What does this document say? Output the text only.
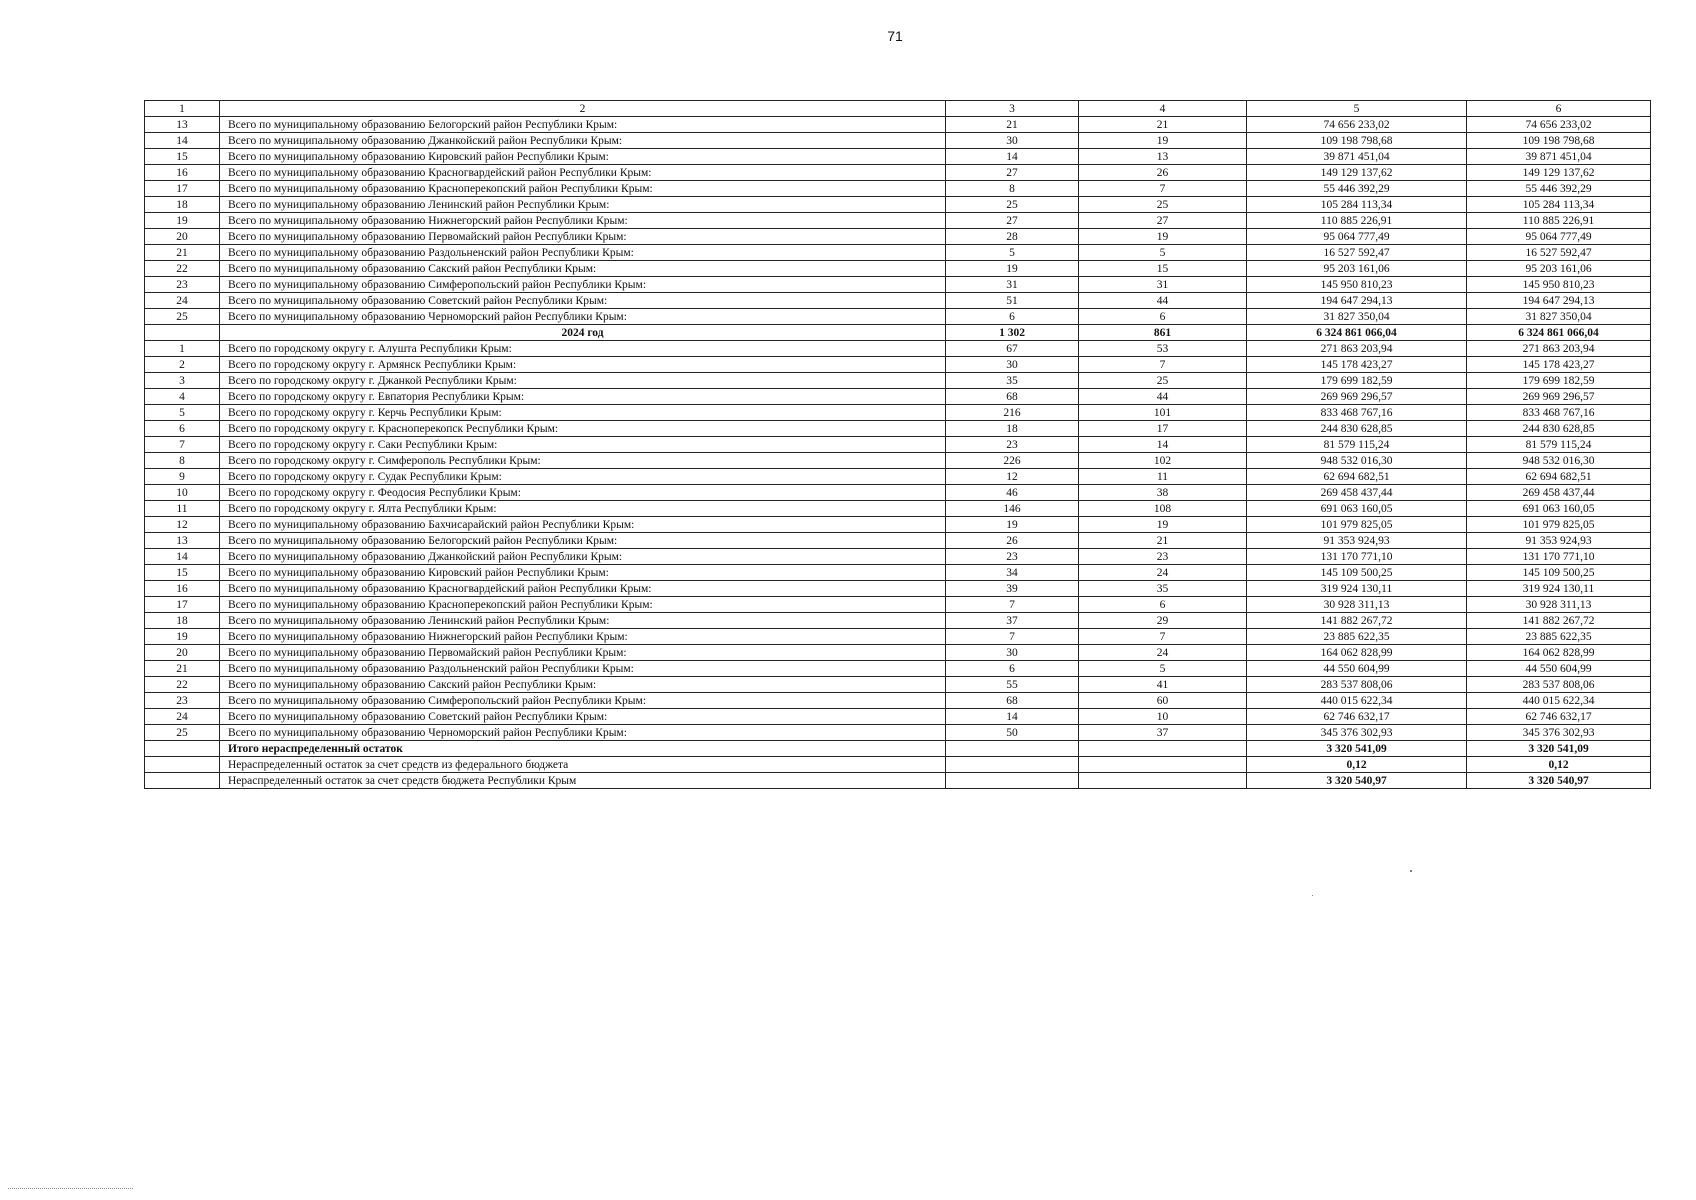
71
1	2	3	4	5	6
13	Всего по муниципальному образованию Белогорский район Республики Крым:	21	21	74 656 233,02	74 656 233,02
14	Всего по муниципальному образованию Джанкойский район Республики Крым:	30	19	109 198 798,68	109 198 798,68
15	Всего по муниципальному образованию Кировский район Республики Крым:	14	13	39 871 451,04	39 871 451,04
16	Всего по муниципальному образованию Красногвардейский район Республики Крым:	27	26	149 129 137,62	149 129 137,62
17	Всего по муниципальному образованию Красноперекопский район Республики Крым:	8	7	55 446 392,29	55 446 392,29
18	Всего по муниципальному образованию Ленинский район Республики Крым:	25	25	105 284 113,34	105 284 113,34
19	Всего по муниципальному образованию Нижнегорский район Республики Крым:	27	27	110 885 226,91	110 885 226,91
20	Всего по муниципальному образованию Первомайский район Республики Крым:	28	19	95 064 777,49	95 064 777,49
21	Всего по муниципальному образованию Раздольненский район Республики Крым:	5	5	16 527 592,47	16 527 592,47
22	Всего по муниципальному образованию Сакский район Республики Крым:	19	15	95 203 161,06	95 203 161,06
23	Всего по муниципальному образованию Симферопольский район Республики Крым:	31	31	145 950 810,23	145 950 810,23
24	Всего по муниципальному образованию Советский район Республики Крым:	51	44	194 647 294,13	194 647 294,13
25	Всего по муниципальному образованию Черноморский район Республики Крым:	6	6	31 827 350,04	31 827 350,04
	2024 год	1 302	861	6 324 861 066,04	6 324 861 066,04
1	Всего по городскому округу г. Алушта Республики Крым:	67	53	271 863 203,94	271 863 203,94
2	Всего по городскому округу г. Армянск Республики Крым:	30	7	145 178 423,27	145 178 423,27
3	Всего по городскому округу г. Джанкой Республики Крым:	35	25	179 699 182,59	179 699 182,59
4	Всего по городскому округу г. Евпатория Республики Крым:	68	44	269 969 296,57	269 969 296,57
5	Всего по городскому округу г. Керчь Республики Крым:	216	101	833 468 767,16	833 468 767,16
6	Всего по городскому округу г. Красноперекопск Республики Крым:	18	17	244 830 628,85	244 830 628,85
7	Всего по городскому округу г. Саки Республики Крым:	23	14	81 579 115,24	81 579 115,24
8	Всего по городскому округу г. Симферополь Республики Крым:	226	102	948 532 016,30	948 532 016,30
9	Всего по городскому округу г. Судак Республики Крым:	12	11	62 694 682,51	62 694 682,51
10	Всего по городскому округу г. Феодосия Республики Крым:	46	38	269 458 437,44	269 458 437,44
11	Всего по городскому округу г. Ялта Республики Крым:	146	108	691 063 160,05	691 063 160,05
12	Всего по муниципальному образованию Бахчисарайский район Республики Крым:	19	19	101 979 825,05	101 979 825,05
13	Всего по муниципальному образованию Белогорский район Республики Крым:	26	21	91 353 924,93	91 353 924,93
14	Всего по муниципальному образованию Джанкойский район Республики Крым:	23	23	131 170 771,10	131 170 771,10
15	Всего по муниципальному образованию Кировский район Республики Крым:	34	24	145 109 500,25	145 109 500,25
16	Всего по муниципальному образованию Красногвардейский район Республики Крым:	39	35	319 924 130,11	319 924 130,11
17	Всего по муниципальному образованию Красноперекопский район Республики Крым:	7	6	30 928 311,13	30 928 311,13
18	Всего по муниципальному образованию Ленинский район Республики Крым:	37	29	141 882 267,72	141 882 267,72
19	Всего по муниципальному образованию Нижнегорский район Республики Крым:	7	7	23 885 622,35	23 885 622,35
20	Всего по муниципальному образованию Первомайский район Республики Крым:	30	24	164 062 828,99	164 062 828,99
21	Всего по муниципальному образованию Раздольненский район Республики Крым:	6	5	44 550 604,99	44 550 604,99
22	Всего по муниципальному образованию Сакский район Республики Крым:	55	41	283 537 808,06	283 537 808,06
23	Всего по муниципальному образованию Симферопольский район Республики Крым:	68	60	440 015 622,34	440 015 622,34
24	Всего по муниципальному образованию Советский район Республики Крым:	14	10	62 746 632,17	62 746 632,17
25	Всего по муниципальному образованию Черноморский район Республики Крым:	50	37	345 376 302,93	345 376 302,93
	Итого нераспределенный остаток			3 320 541,09	3 320 541,09
	Нераспределенный остаток за счет средств из федерального бюджета			0,12	0,12
	Нераспределенный остаток за счет средств бюджета Республики Крым			3 320 540,97	3 320 540,97
